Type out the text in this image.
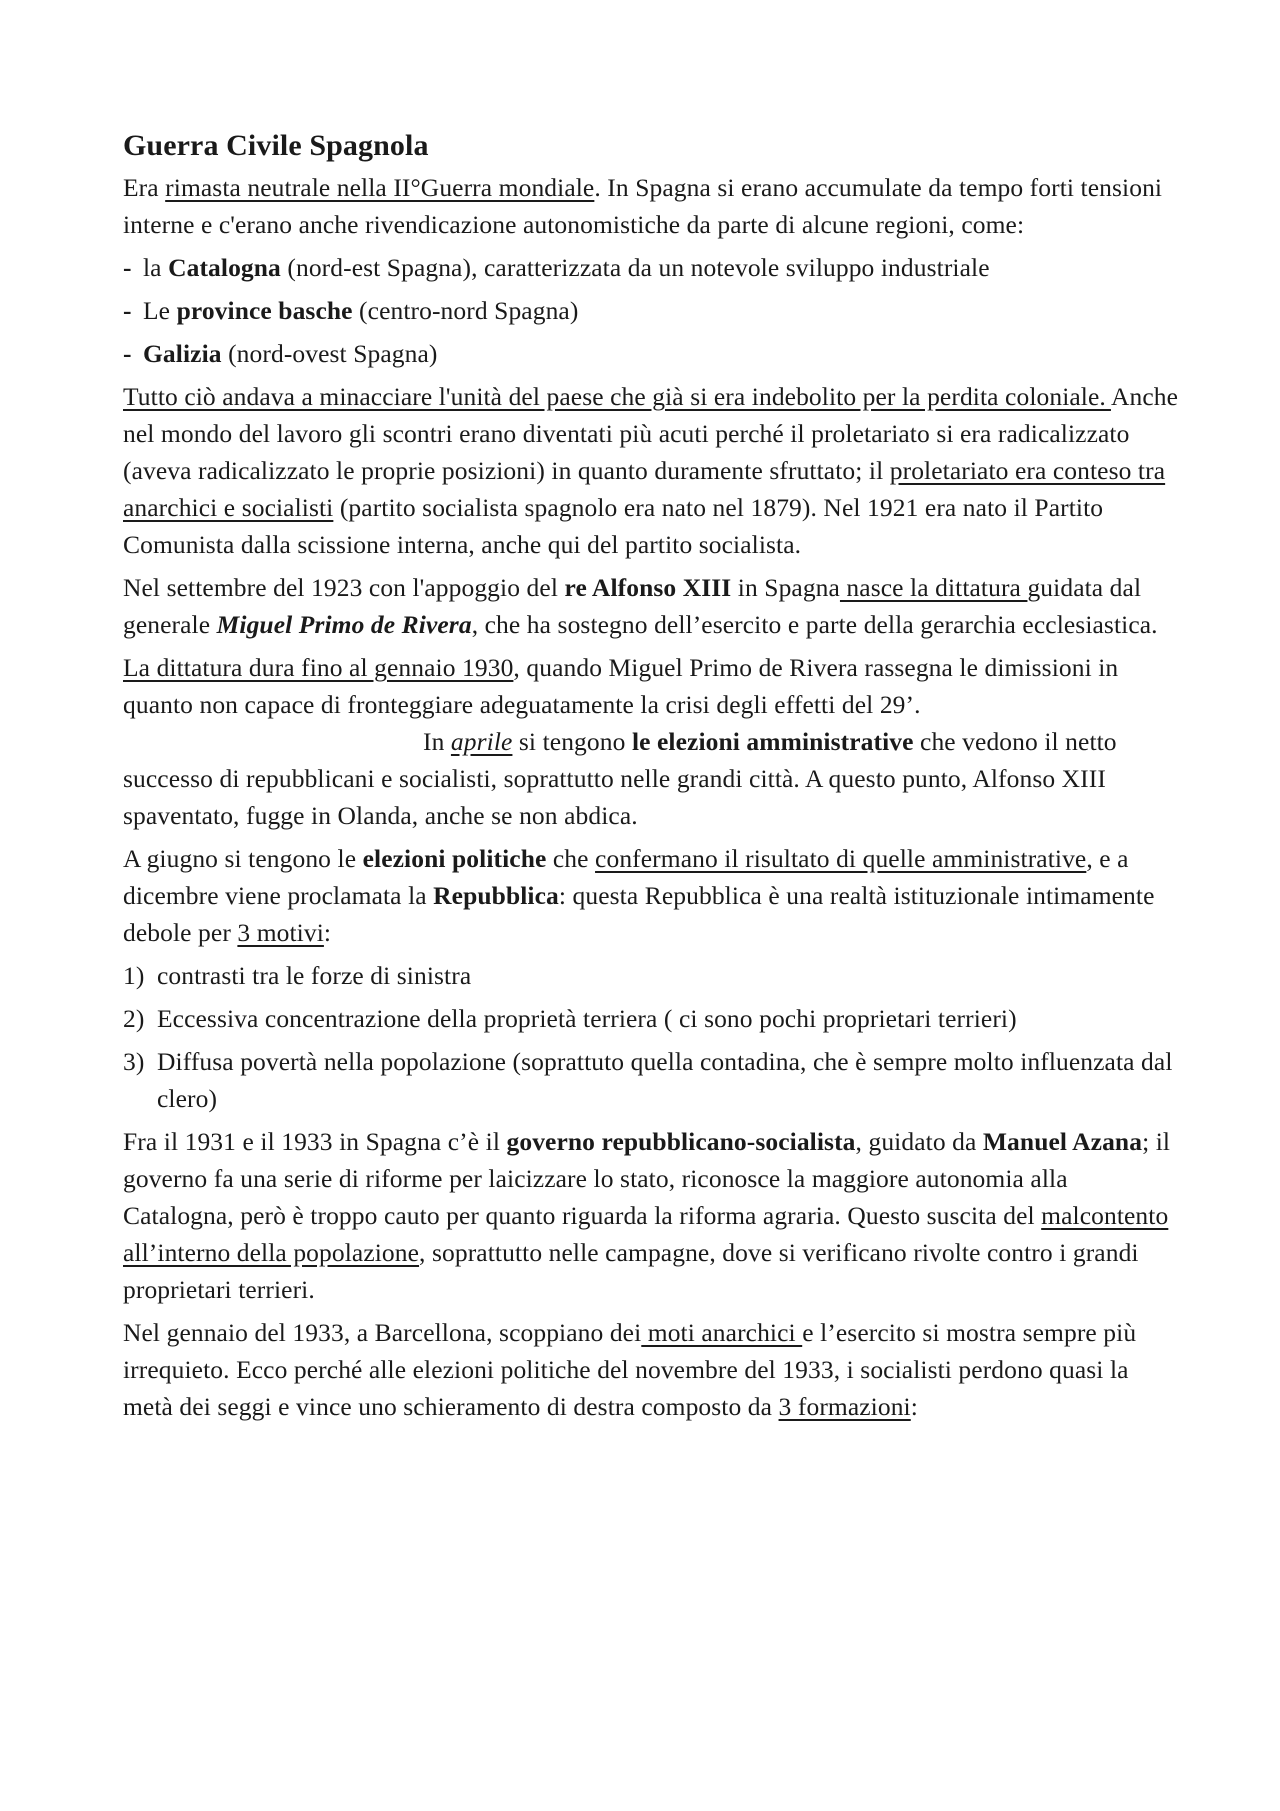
Guerra Civile Spagnola

Era rimasta neutrale nella II°Guerra mondiale. In Spagna si erano accumulate da tempo forti tensioni interne e c'erano anche rivendicazione autonomistiche da parte di alcune regioni, come:

- la Catalogna (nord-est Spagna), caratterizzata da un notevole sviluppo industriale
- Le province basche (centro-nord Spagna)
- Galizia (nord-ovest Spagna)

Tutto ciò andava a minacciare l'unità del paese che già si era indebolito per la perdita coloniale. Anche nel mondo del lavoro gli scontri erano diventati più acuti perché il proletariato si era radicalizzato (aveva radicalizzato le proprie posizioni) in quanto duramente sfruttato; il proletariato era conteso tra anarchici e socialisti (partito socialista spagnolo era nato nel 1879). Nel 1921 era nato il Partito Comunista dalla scissione interna, anche qui del partito socialista.

Nel settembre del 1923 con l'appoggio del re Alfonso XIII in Spagna nasce la dittatura guidata dal generale Miguel Primo de Rivera, che ha sostegno dell’esercito e parte della gerarchia ecclesiastica.

La dittatura dura fino al gennaio 1930, quando Miguel Primo de Rivera rassegna le dimissioni in quanto non capace di fronteggiare adeguatamente la crisi degli effetti del 29’.In aprile si tengono le elezioni amministrative che vedono il netto successo di repubblicani e socialisti, soprattutto nelle grandi città. A questo punto, Alfonso XIII spaventato, fugge in Olanda, anche se non abdica.

A giugno si tengono le elezioni politiche che confermano il risultato di quelle amministrative, e a dicembre viene proclamata la Repubblica: questa Repubblica è una realtà istituzionale intimamente debole per 3 motivi:

1) contrasti tra le forze di sinistra
2) Eccessiva concentrazione della proprietà terriera ( ci sono pochi proprietari terrieri)
3) Diffusa povertà nella popolazione (soprattuto quella contadina, che è sempre molto influenzata dal clero)

Fra il 1931 e il 1933 in Spagna c’è il governo repubblicano-socialista, guidato da Manuel Azana; il governo fa una serie di riforme per laicizzare lo stato, riconosce la maggiore autonomia alla Catalogna, però è troppo cauto per quanto riguarda la riforma agraria. Questo suscita del malcontento all’interno della popolazione, soprattutto nelle campagne, dove si verificano rivolte contro i grandi proprietari terrieri.

Nel gennaio del 1933, a Barcellona, scoppiano dei moti anarchici e l’esercito si mostra sempre più irrequieto. Ecco perché alle elezioni politiche del novembre del 1933, i socialisti perdono quasi la metà dei seggi e vince uno schieramento di destra composto da 3 formazioni:
